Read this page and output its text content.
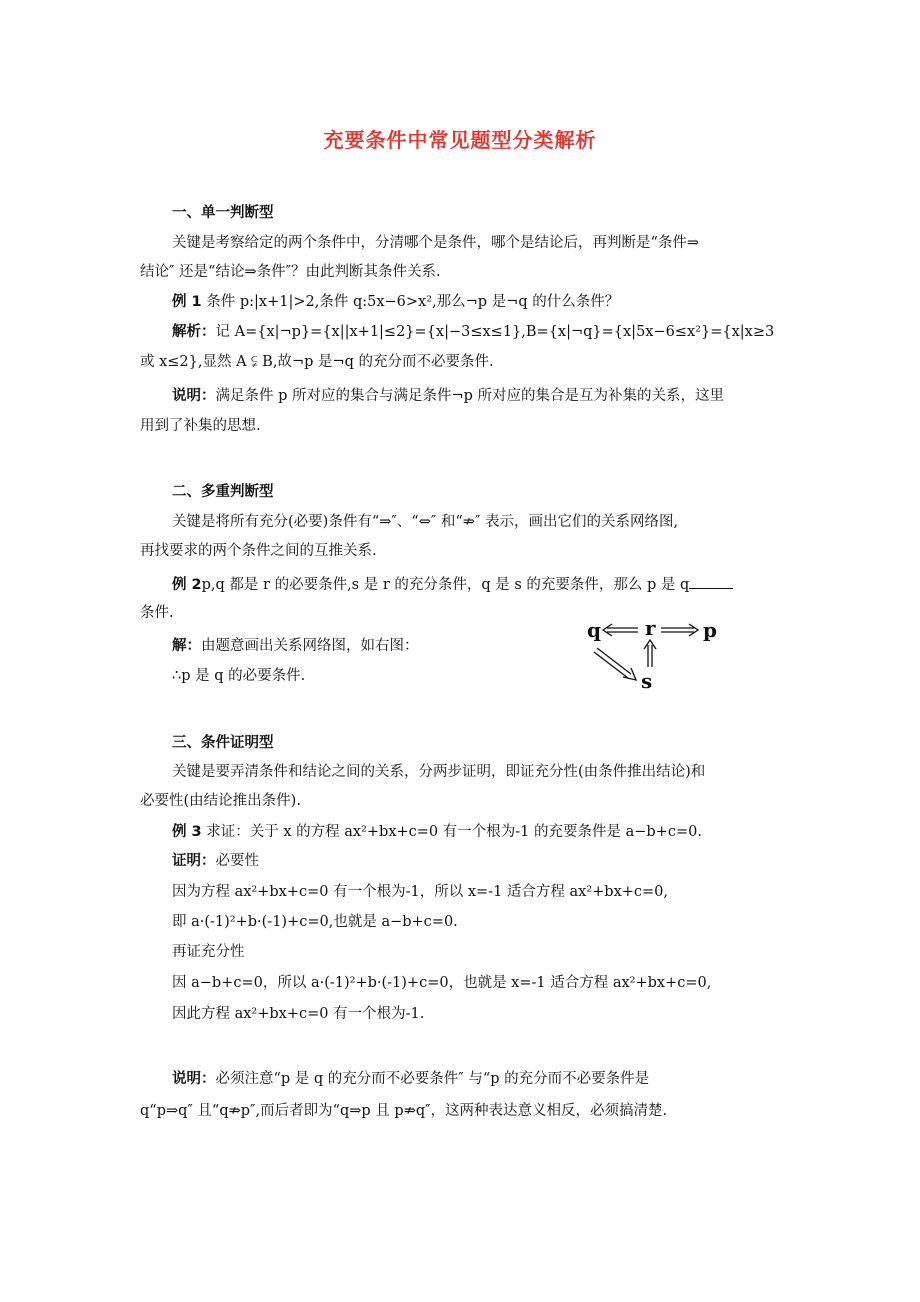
充要条件中常见题型分类解析
一、单一判断型
关键是考察给定的两个条件中，分清哪个是条件，哪个是结论后，再判断是“条件⇒
结论″ 还是“结论⇒条件″？由此判断其条件关系.
例 1 条件 p:|x+1|>2,条件 q:5x−6>x²,那么¬p 是¬q 的什么条件？
解析：记 A={x|¬p}={x||x+1|≤2}={x|−3≤x≤1},B={x|¬q}={x|5x−6≤x²}={x|x≥3
或 x≤2},显然 A ⫋ B,故¬p 是¬q 的充分而不必要条件.
说明：满足条件 p 所对应的集合与满足条件¬p 所对应的集合是互为补集的关系，这里
用到了补集的思想.
二、多重判断型
关键是将所有充分(必要)条件有“⇒″、“⇔″ 和“⇏″ 表示，画出它们的关系网络图,
再找要求的两个条件之间的互推关系.
例 2p,q 都是 r 的必要条件,s 是 r 的充分条件，q 是 s 的充要条件，那么 p 是 q
条件.
解：由题意画出关系网络图，如右图：
∴p 是 q 的必要条件.
q r p
s
三、条件证明型
关键是要弄清条件和结论之间的关系，分两步证明，即证充分性(由条件推出结论)和
必要性(由结论推出条件).
例 3 求证：关于 x 的方程 ax²+bx+c=0 有一个根为-1 的充要条件是 a−b+c=0.
证明：必要性
因为方程 ax²+bx+c=0 有一个根为-1，所以 x=-1 适合方程 ax²+bx+c=0,
即 a·(-1)²+b·(-1)+c=0,也就是 a−b+c=0.
再证充分性
因 a−b+c=0，所以 a·(-1)²+b·(-1)+c=0，也就是 x=-1 适合方程 ax²+bx+c=0,
因此方程 ax²+bx+c=0 有一个根为-1.
说明：必须注意“p 是 q 的充分而不必要条件″ 与“p 的充分而不必要条件是
q“p⇒q″ 且“q⇏p″,而后者即为“q⇒p 且 p⇏q″，这两种表达意义相反，必须搞清楚.
